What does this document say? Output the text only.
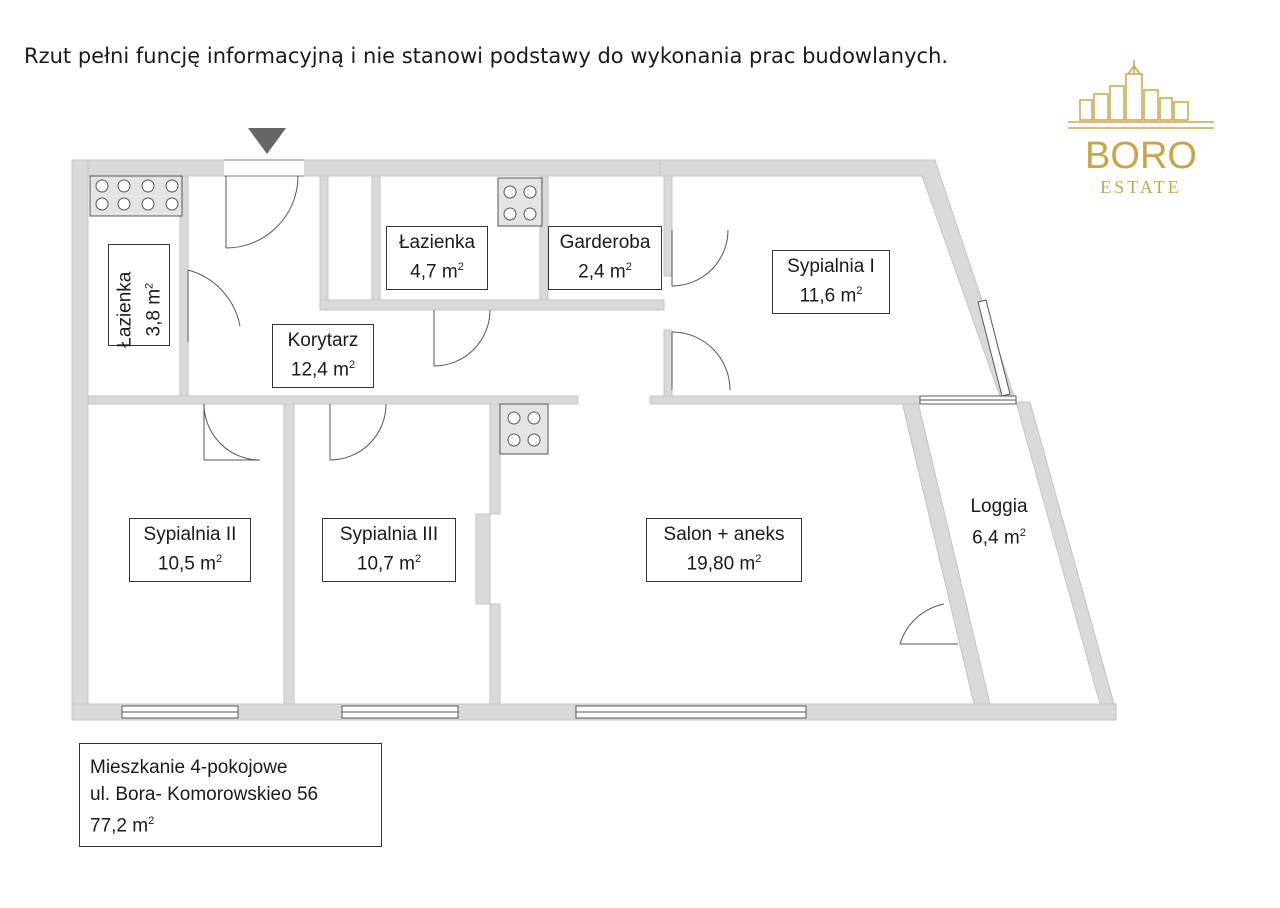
Rzut pełni funcję informacyjną i nie stanowi podstawy do wykonania prac budowlanych.
BORO
ESTATE
Łazienka 3,8 $m^2$
Łazienka
4,7 $m^2$
Garderoba
2,4 $m^2$	Sypialnia I
11,6 $m^2$
Korytarz
12,4 $m^2$
Sypialnia II
10,5 $m^2$
Sypialnia III
10,7 $m^2$
Salon + aneks
19,80 $m^2$
Loggia
6,4 $m^2$
Mieszkanie 4-pokojowe
ul. Bora- Komorowskieo 56
77,2 $m^2$
